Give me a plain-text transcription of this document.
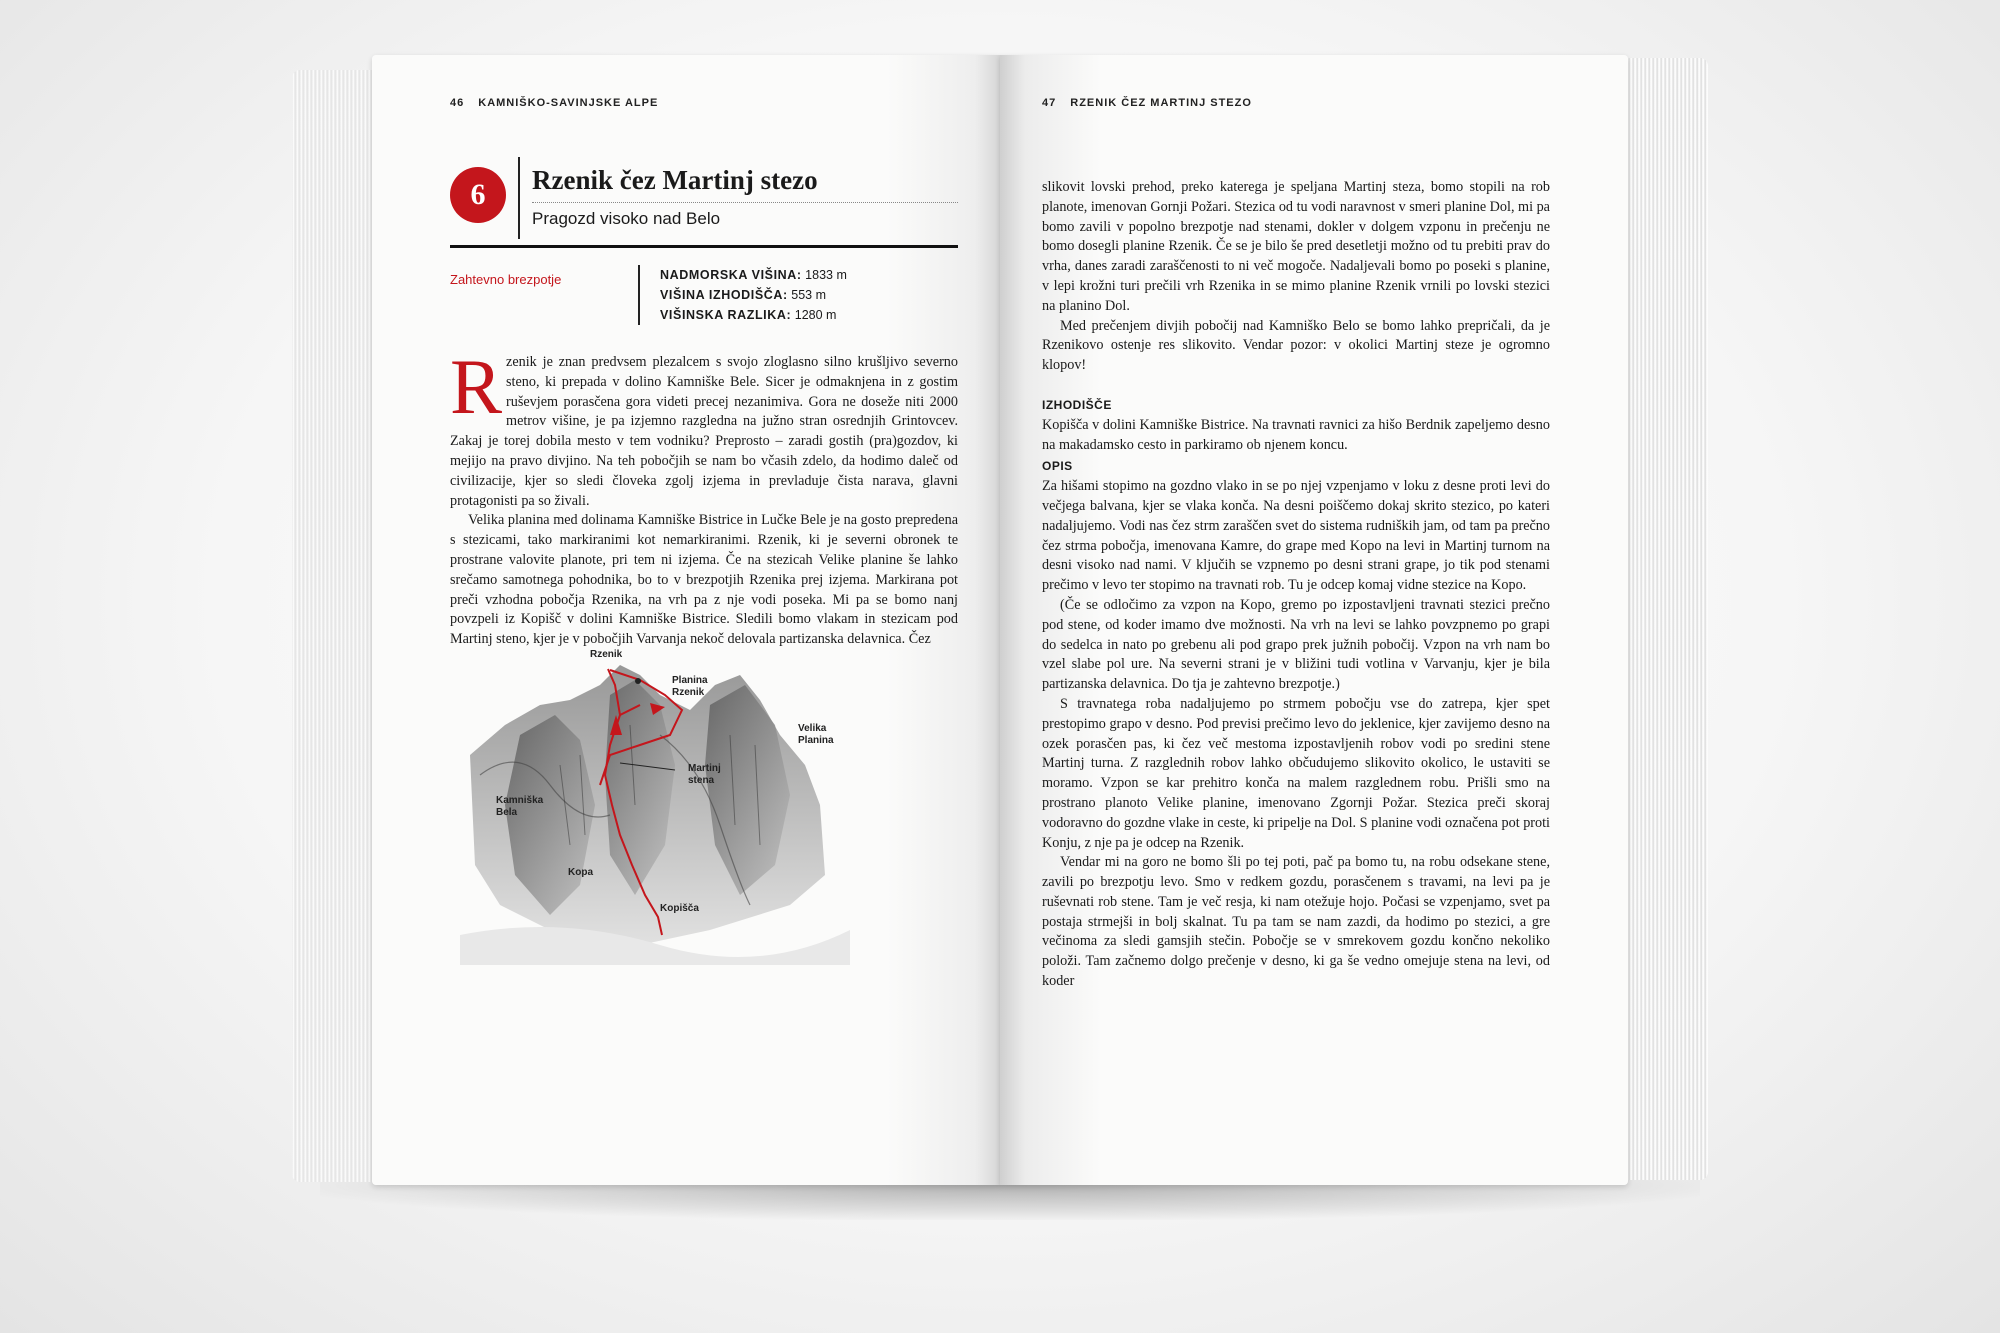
46 KAMNIŠKO-SAVINJSKE ALPE
6	Rzenik čez Martinj stezo
Pragozd visoko nad Belo
Zahtevno brezpotje	NADMORSKA VIŠINA: 1833 m
VIŠINA IZHODIŠČA: 553 m
VIŠINSKA RAZLIKA: 1280 m

Rzenik je znan predvsem plezalcem s svojo zloglasno silno krušljivo severno steno, ki prepada v dolino Kamniške Bele. Sicer je odmaknjena in z gostim ruševjem porasčena gora videti precej nezanimiva. Gora ne doseže niti 2000 metrov višine, je pa izjemno razgledna na južno stran osrednjih Grintovcev. Zakaj je torej dobila mesto v tem vodniku? Preprosto – zaradi gostih (pra)gozdov, ki mejijo na pravo divjino. Na teh pobočjih se nam bo včasih zdelo, da hodimo daleč od civilizacije, kjer so sledi človeka zgolj izjema in prevladuje čista narava, glavni protagonisti pa so živali.

Velika planina med dolinama Kamniške Bistrice in Lučke Bele je na gosto prepredena s stezicami, tako markiranimi kot nemarkiranimi. Rzenik, ki je severni obronek te prostrane valovite planote, pri tem ni izjema. Če na stezicah Velike planine še lahko srečamo samotnega pohodnika, bo to v brezpotjih Rzenika prej izjema. Markirana pot preči vzhodna pobočja Rzenika, na vrh pa z nje vodi poseka. Mi pa se bomo nanj povzpeli iz Kopišč v dolini Kamniške Bistrice. Sledili bomo vlakam in stezicam pod Martinj steno, kjer je v pobočjih Varvanja nekoč delovala partizanska delavnica. Čez

Rzenik
Planina Rzenik
Velika Planina
Martinj stena
Kamniška Bela
Kopa
Kopišča
47 RZENIK ČEZ MARTINJ STEZO

slikovit lovski prehod, preko katerega je speljana Martinj steza, bomo stopili na rob planote, imenovan Gornji Požari. Stezica od tu vodi naravnost v smeri planine Dol, mi pa bomo zavili v popolno brezpotje nad stenami, dokler v dolgem vzponu in prečenju ne bomo dosegli planine Rzenik. Če se je bilo še pred desetletji možno od tu prebiti prav do vrha, danes zaradi zaraščenosti to ni več mogoče. Nadaljevali bomo po poseki s planine, v lepi krožni turi prečili vrh Rzenika in se mimo planine Rzenik vrnili po lovski stezici na planino Dol.

Med prečenjem divjih pobočij nad Kamniško Belo se bomo lahko prepričali, da je Rzenikovo ostenje res slikovito. Vendar pozor: v okolici Martinj steze je ogromno klopov!

IZHODIŠČE

Kopišča v dolini Kamniške Bistrice. Na travnati ravnici za hišo Berdnik zapeljemo desno na makadamsko cesto in parkiramo ob njenem koncu.

OPIS

Za hišami stopimo na gozdno vlako in se po njej vzpenjamo v loku z desne proti levi do večjega balvana, kjer se vlaka konča. Na desni poiščemo dokaj skrito stezico, po kateri nadaljujemo. Vodi nas čez strm zaraščen svet do sistema rudniških jam, od tam pa prečno čez strma pobočja, imenovana Kamre, do grape med Kopo na levi in Martinj turnom na desni visoko nad nami. V ključih se vzpnemo po desni strani grape, jo tik pod stenami prečimo v levo ter stopimo na travnati rob. Tu je odcep komaj vidne stezice na Kopo.

(Če se odločimo za vzpon na Kopo, gremo po izpostavljeni travnati stezici prečno pod stene, od koder imamo dve možnosti. Na vrh na levi se lahko povzpnemo po grapi do sedelca in nato po grebenu ali pod grapo prek južnih pobočij. Vzpon na vrh nam bo vzel slabe pol ure. Na severni strani je v bližini tudi votlina v Varvanju, kjer je bila partizanska delavnica. Do tja je zahtevno brezpotje.)

S travnatega roba nadaljujemo po strmem pobočju vse do zatrepa, kjer spet prestopimo grapo v desno. Pod previsi prečimo levo do jeklenice, kjer zavijemo desno na ozek porasčen pas, ki čez več mestoma izpostavljenih robov vodi po sredini stene Martinj turna. Z razglednih robov lahko občudujemo slikovito okolico, le ustaviti se moramo. Vzpon se kar prehitro konča na malem razglednem robu. Prišli smo na prostrano planoto Velike planine, imenovano Zgornji Požar. Stezica preči skoraj vodoravno do gozdne vlake in ceste, ki pripelje na Dol. S planine vodi označena pot proti Konju, z nje pa je odcep na Rzenik.

Vendar mi na goro ne bomo šli po tej poti, pač pa bomo tu, na robu odsekane stene, zavili po brezpotju levo. Smo v redkem gozdu, porasčenem s travami, na levi pa je ruševnati rob stene. Tam je več resja, ki nam otežuje hojo. Počasi se vzpenjamo, svet pa postaja strmejši in bolj skalnat. Tu pa tam se nam zazdi, da hodimo po stezici, a gre večinoma za sledi gamsjih stečin. Pobočje se v smrekovem gozdu končno nekoliko položi. Tam začnemo dolgo prečenje v desno, ki ga še vedno omejuje stena na levi, od koder
